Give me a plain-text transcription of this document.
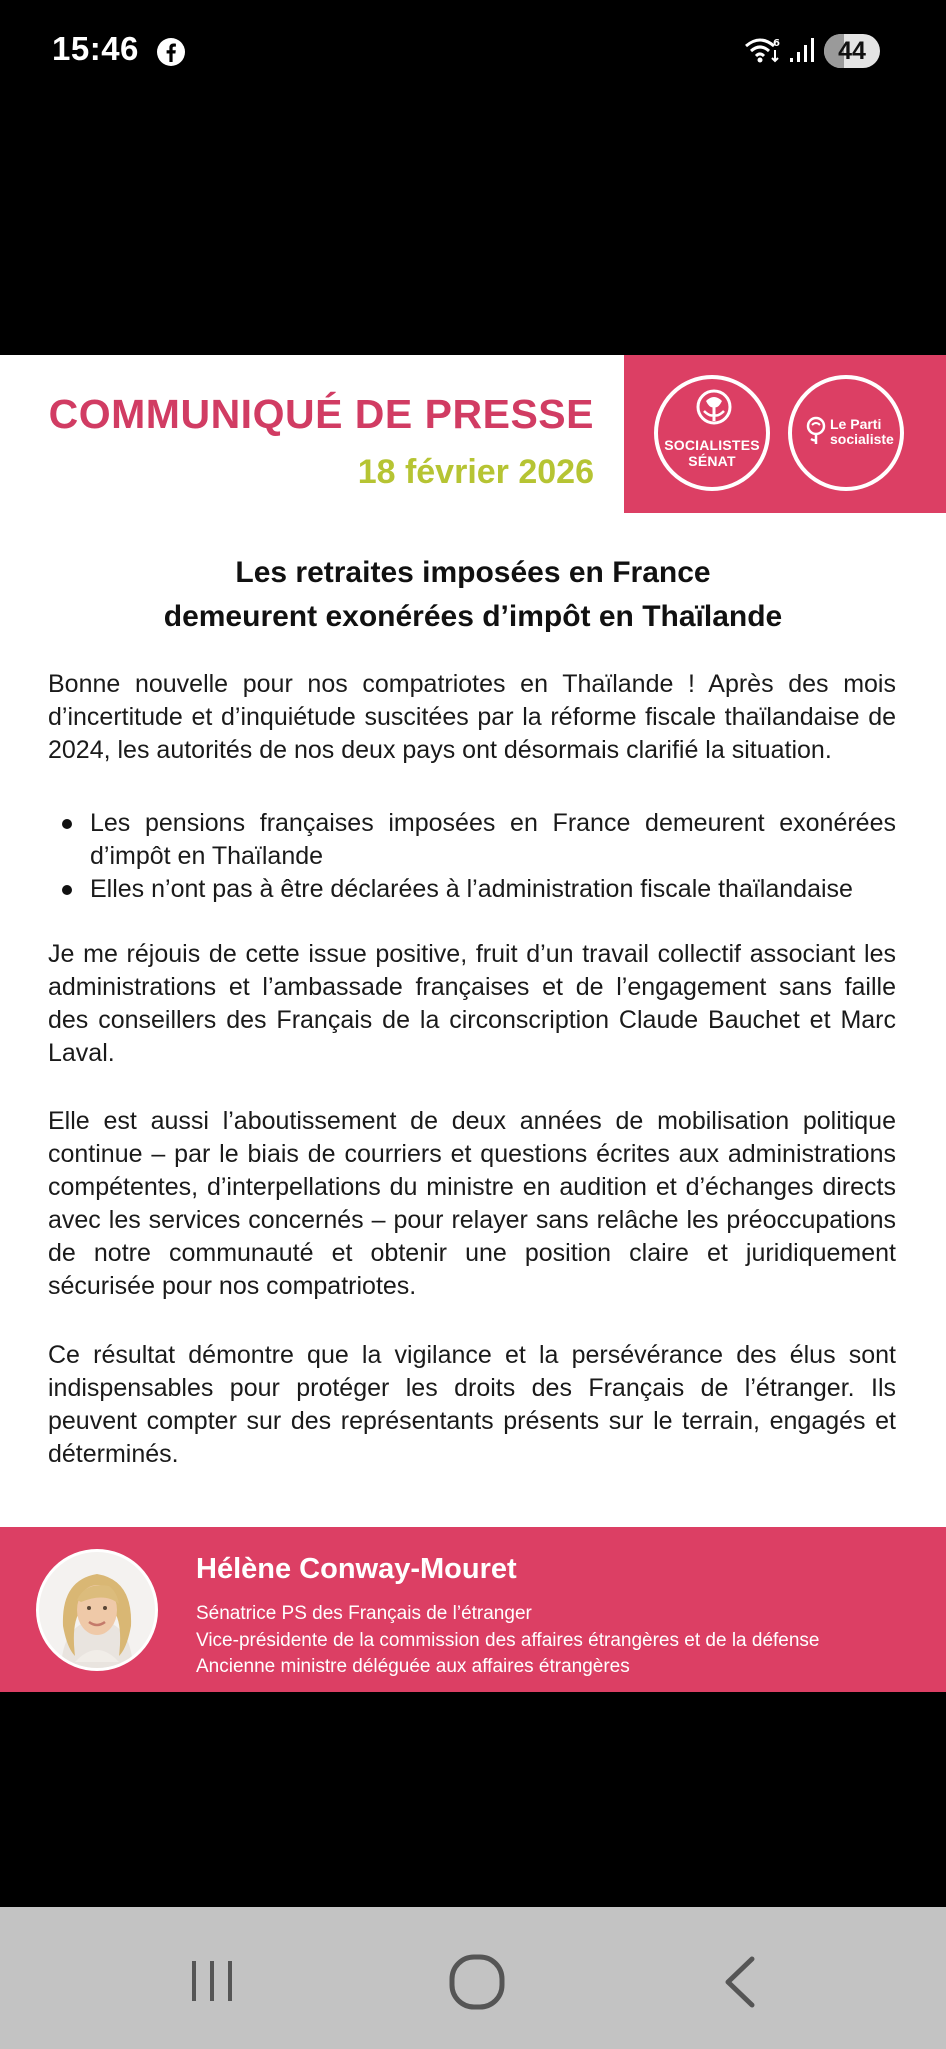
15:46	6	44
COMMUNIQUÉ DE PRESSE
18 février 2026
SOCIALISTES
SÉNAT
Le Parti
socialiste
Les retraites imposées en France
demeurent exonérées d’impôt en Thaïlande
Bonne nouvelle pour nos compatriotes en Thaïlande ! Après des mois d’incertitude et d’inquiétude suscitées par la réforme fiscale thaïlandaise de 2024, les autorités de nos deux pays ont désormais clarifié la situation.
Les pensions françaises imposées en France demeurent exonérées d’impôt en Thaïlande
Elles n’ont pas à être déclarées à l’administration fiscale thaïlandaise
Je me réjouis de cette issue positive, fruit d’un travail collectif associant les administrations et l’ambassade françaises et de l’engagement sans faille des conseillers des Français de la circonscription Claude Bauchet et Marc Laval.
Elle est aussi l’aboutissement de deux années de mobilisation politique continue – par le biais de courriers et questions écrites aux administrations compétentes, d’interpellations du ministre en audition et d’échanges directs avec les services concernés – pour relayer sans relâche les préoccupations de notre communauté et obtenir une position claire et juridiquement sécurisée pour nos compatriotes.
Ce résultat démontre que la vigilance et la persévérance des élus sont indispensables pour protéger les droits des Français de l’étranger. Ils peuvent compter sur des représentants présents sur le terrain, engagés et déterminés.
Hélène Conway-Mouret
Sénatrice PS des Français de l’étranger
Vice-présidente de la commission des affaires étrangères et de la défense
Ancienne ministre déléguée aux affaires étrangères
